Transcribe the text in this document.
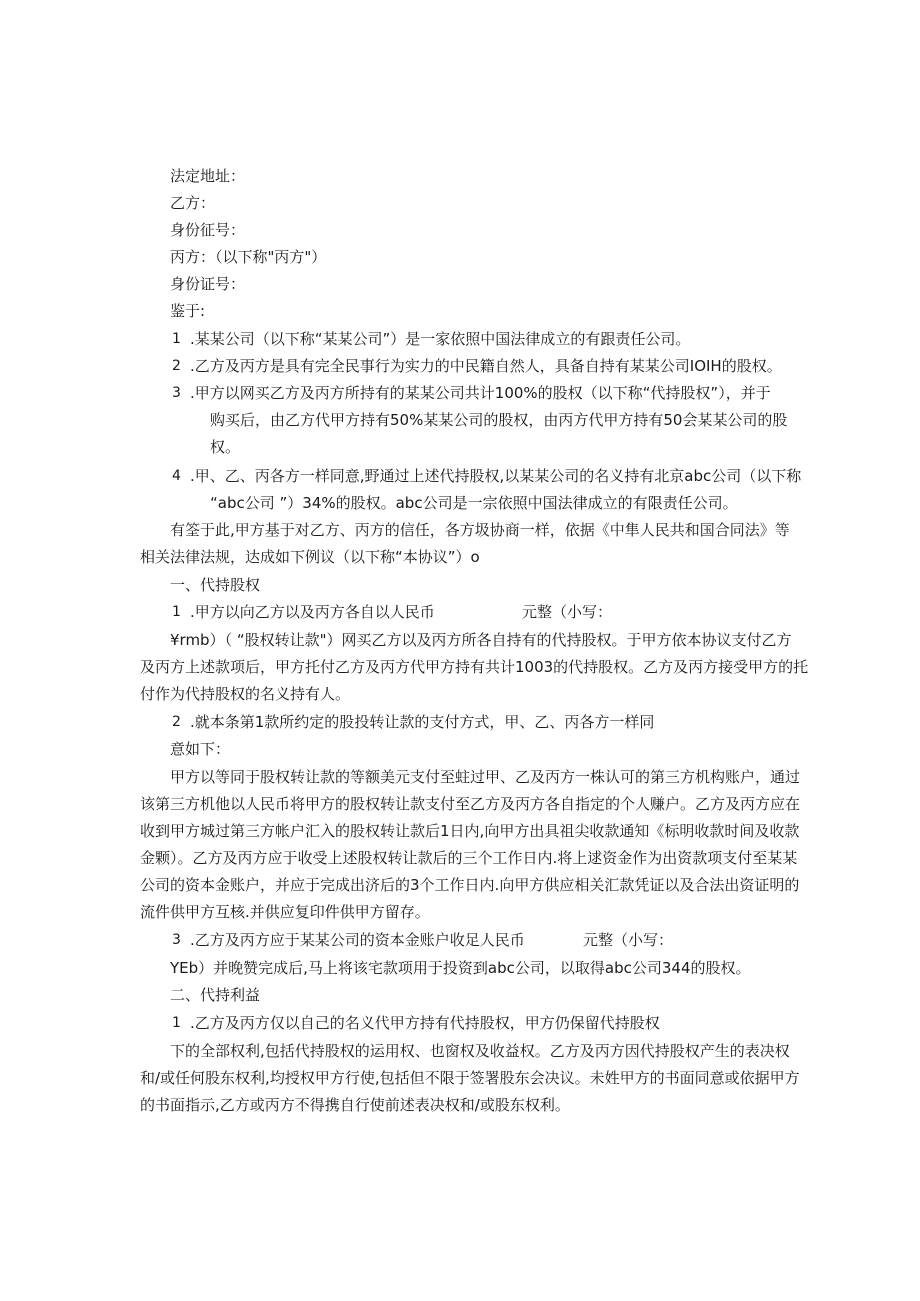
法定地址：
乙方：
身份征号：
丙方：（以下称"丙方"）
身份证号：
鉴于:
1 .某某公司（以下称“某某公司”）是一家依照中国法律成立的有跟责任公司。
2 .乙方及丙方是具有完全民事行为实力的中民籍自然人，具备自持有某某公司IOIH的股权。
3 .甲方以网买乙方及丙方所持有的某某公司共计100%的股权（以下称“代持股权”），并于
购买后，由乙方代甲方持有50%某某公司的股权，由丙方代甲方持有50会某某公司的股
权。
4 .甲、乙、丙各方一样同意,野通过上述代持股权,以某某公司的名义持有北京abc公司（以下称
“abc公司 ”）34%的股权。abc公司是一宗依照中国法律成立的有限责任公司。
有筌于此,甲方基于对乙方、丙方的信任，各方圾协商一样，依据《中隼人民共和国合同法》等
相关法律法规，达成如下例议（以下称“本协议”）o
一、代持股权
1 .甲方以向乙方以及丙方各自以人民币	元整（小写：
¥rmb）（ “股权转让款"）网买乙方以及丙方所各自持有的代持股权。于甲方依本协议支付乙方
及丙方上述款项后，甲方托付乙方及丙方代甲方持有共计1003的代持股权。乙方及丙方接受甲方的托
付作为代持股权的名义持有人。
2 .就本条第1款所约定的股投转让款的支付方式，甲、乙、丙各方一样同
意如下：
甲方以等同于股权转让款的等额美元支付至蛀过甲、乙及丙方一株认可的第三方机构账户，通过
该第三方机他以人民币将甲方的股权转让款支付至乙方及丙方各自指定的个人赚户。乙方及丙方应在
收到甲方城过第三方帐户汇入的股权转让款后1日内,向甲方出具祖尖收款通知《标明收款时间及收款
金颗）。乙方及丙方应于收受上述股权转让款后的三个工作日内.将上逑资金作为出资款项支付至某某
公司的资本金账户，并应于完成出济后的3个工作日内.向甲方供应相关汇款凭证以及合法出资证明的
流件供甲方互核.并供应复印件供甲方留存。
3 .乙方及丙方应于某某公司的资本金账户收足人民币	元整（小写：
YEb）并晚赞完成后,马上将该宅款项用于投资到abc公司，以取得abc公司344的股权。
二、代持利益
1 .乙方及丙方仅以自己的名义代甲方持有代持股权，甲方仍保留代持股权
下的全部权利,包括代持股权的运用权、也窗权及收益权。乙方及丙方因代持股权产生的表决权
和/或任何股东权利,均授权甲方行使,包括但不限于签署股东会决议。未姓甲方的书面同意或依据甲方
的书面指示,乙方或丙方不得携自行使前述表决权和/或股东权利。
